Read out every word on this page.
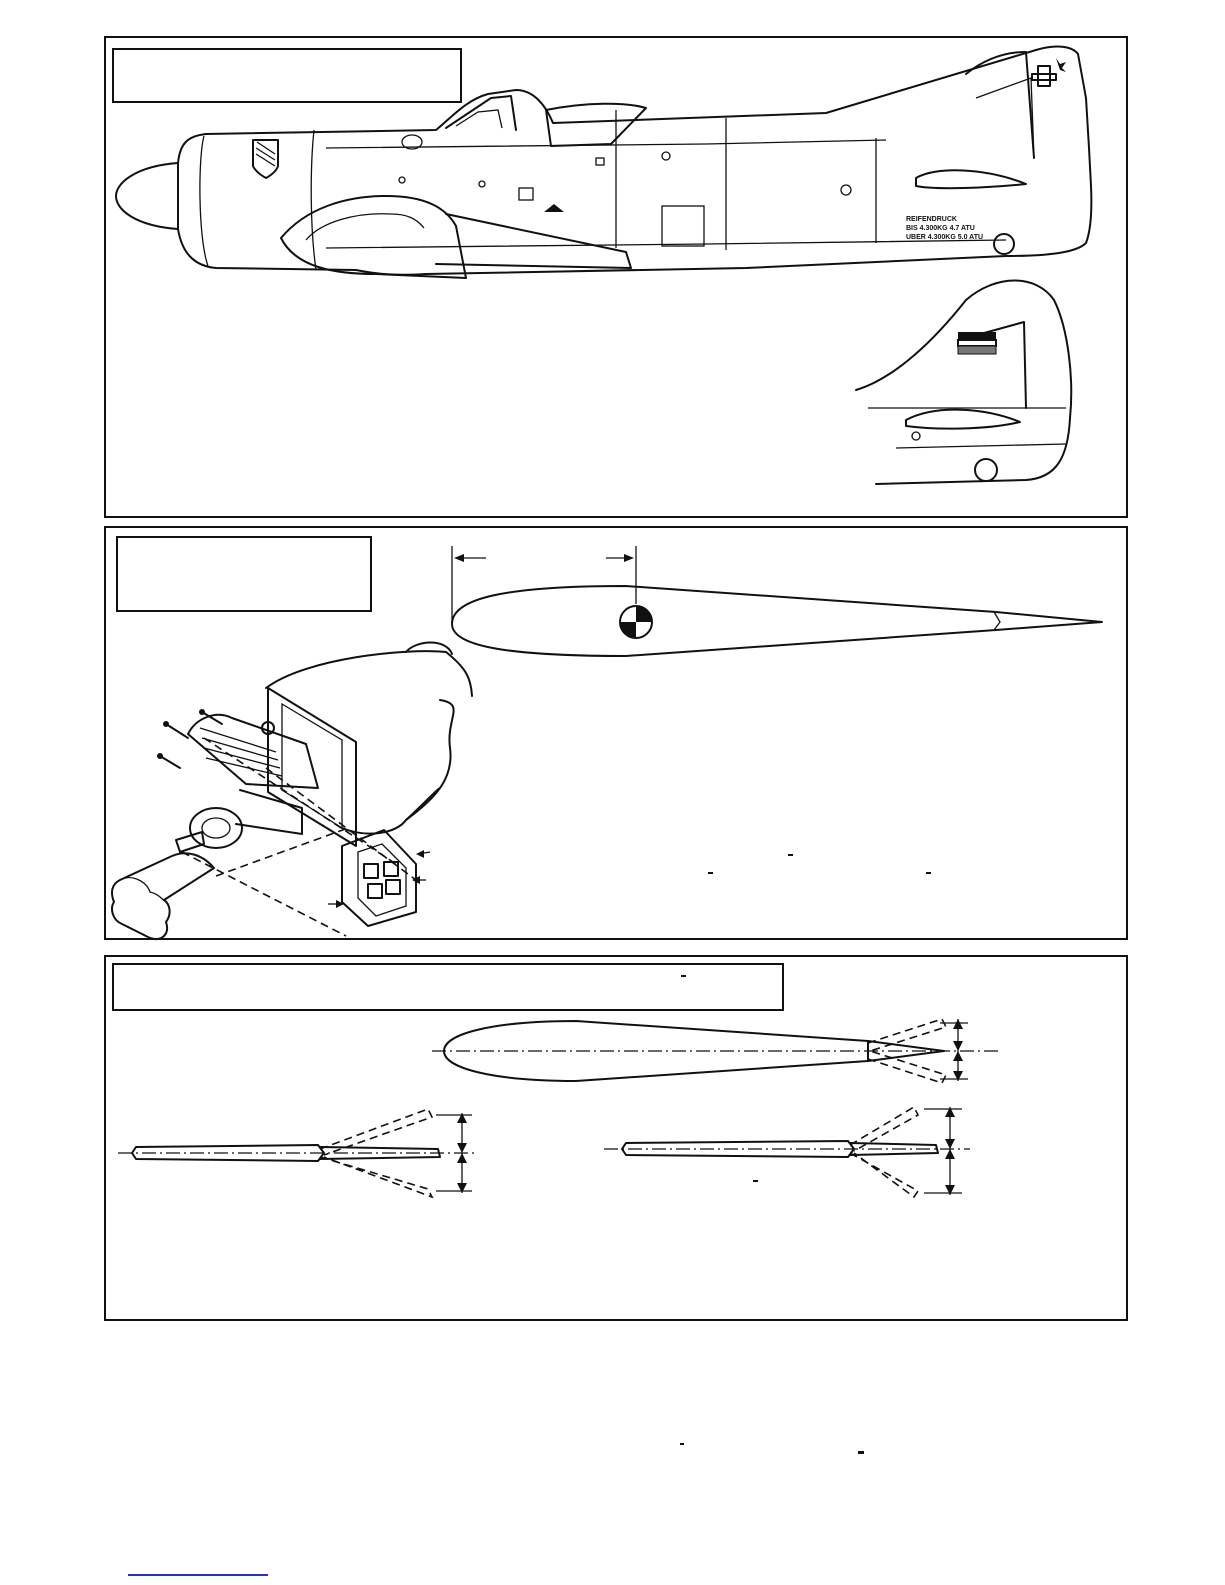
REIFENDRUCK
BIS 4.300KG 4.7 ATU
UBER 4.300KG 5.0 ATU
